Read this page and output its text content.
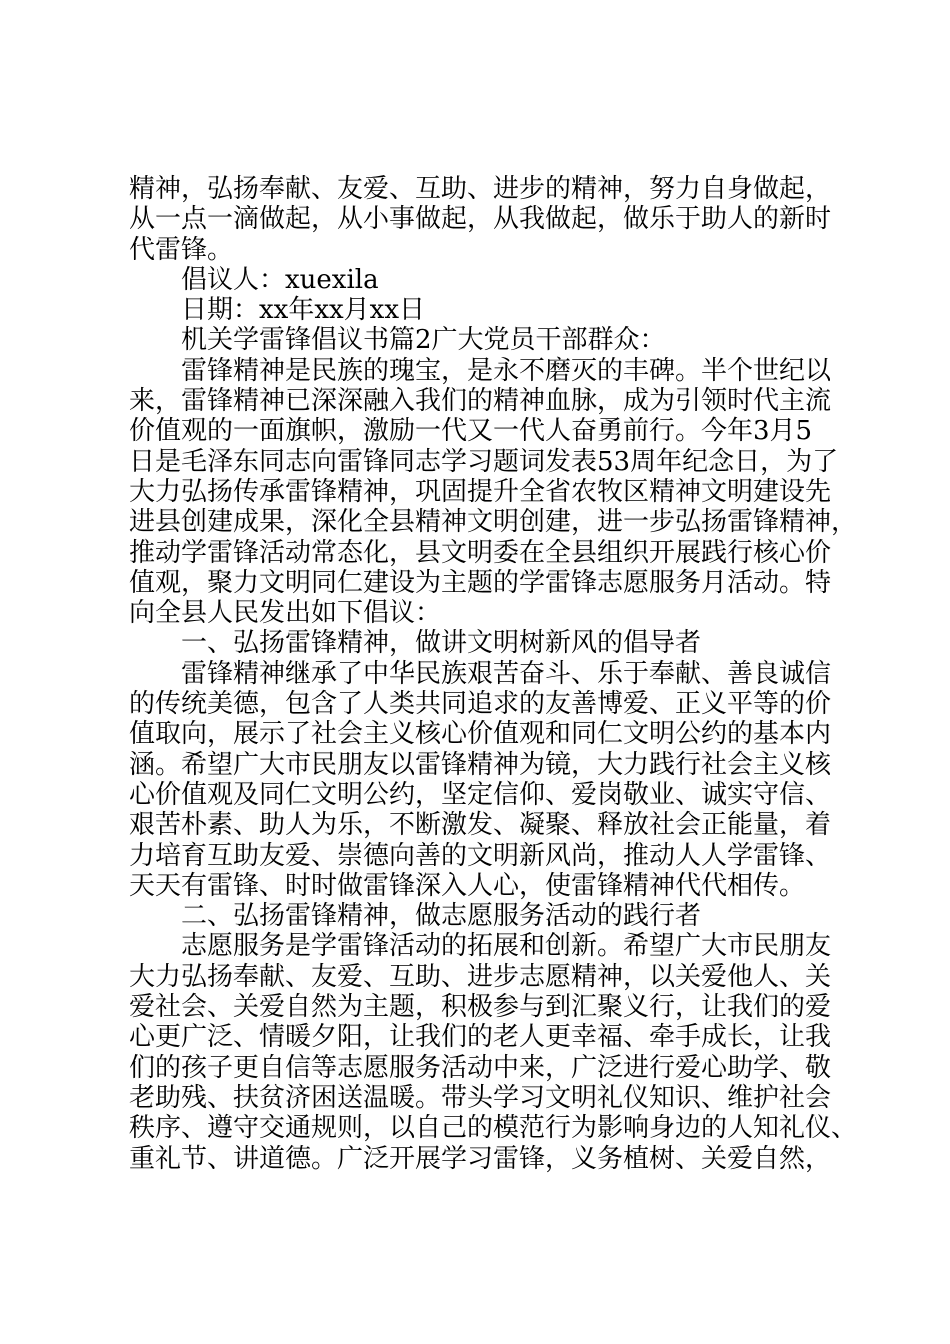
精神，弘扬奉献、友爱、互助、进步的精神，努力自身做起，
从一点一滴做起，从小事做起，从我做起，做乐于助人的新时
代雷锋。
倡议人：xuexila
日期：xx年xx月xx日
机关学雷锋倡议书篇2广大党员干部群众：
雷锋精神是民族的瑰宝，是永不磨灭的丰碑。半个世纪以
来，雷锋精神已深深融入我们的精神血脉，成为引领时代主流
价值观的一面旗帜，激励一代又一代人奋勇前行。今年3月5
日是毛泽东同志向雷锋同志学习题词发表53周年纪念日，为了
大力弘扬传承雷锋精神，巩固提升全省农牧区精神文明建设先
进县创建成果，深化全县精神文明创建，进一步弘扬雷锋精神，
推动学雷锋活动常态化，县文明委在全县组织开展践行核心价
值观，聚力文明同仁建设为主题的学雷锋志愿服务月活动。特
向全县人民发出如下倡议：
一、弘扬雷锋精神，做讲文明树新风的倡导者
雷锋精神继承了中华民族艰苦奋斗、乐于奉献、善良诚信
的传统美德，包含了人类共同追求的友善博爱、正义平等的价
值取向，展示了社会主义核心价值观和同仁文明公约的基本内
涵。希望广大市民朋友以雷锋精神为镜，大力践行社会主义核
心价值观及同仁文明公约，坚定信仰、爱岗敬业、诚实守信、
艰苦朴素、助人为乐，不断激发、凝聚、释放社会正能量，着
力培育互助友爱、崇德向善的文明新风尚，推动人人学雷锋、
天天有雷锋、时时做雷锋深入人心，使雷锋精神代代相传。
二、弘扬雷锋精神，做志愿服务活动的践行者
志愿服务是学雷锋活动的拓展和创新。希望广大市民朋友
大力弘扬奉献、友爱、互助、进步志愿精神，以关爱他人、关
爱社会、关爱自然为主题，积极参与到汇聚义行，让我们的爱
心更广泛、情暖夕阳，让我们的老人更幸福、牵手成长，让我
们的孩子更自信等志愿服务活动中来，广泛进行爱心助学、敬
老助残、扶贫济困送温暖。带头学习文明礼仪知识、维护社会
秩序、遵守交通规则，以自己的模范行为影响身边的人知礼仪、
重礼节、讲道德。广泛开展学习雷锋，义务植树、关爱自然，
